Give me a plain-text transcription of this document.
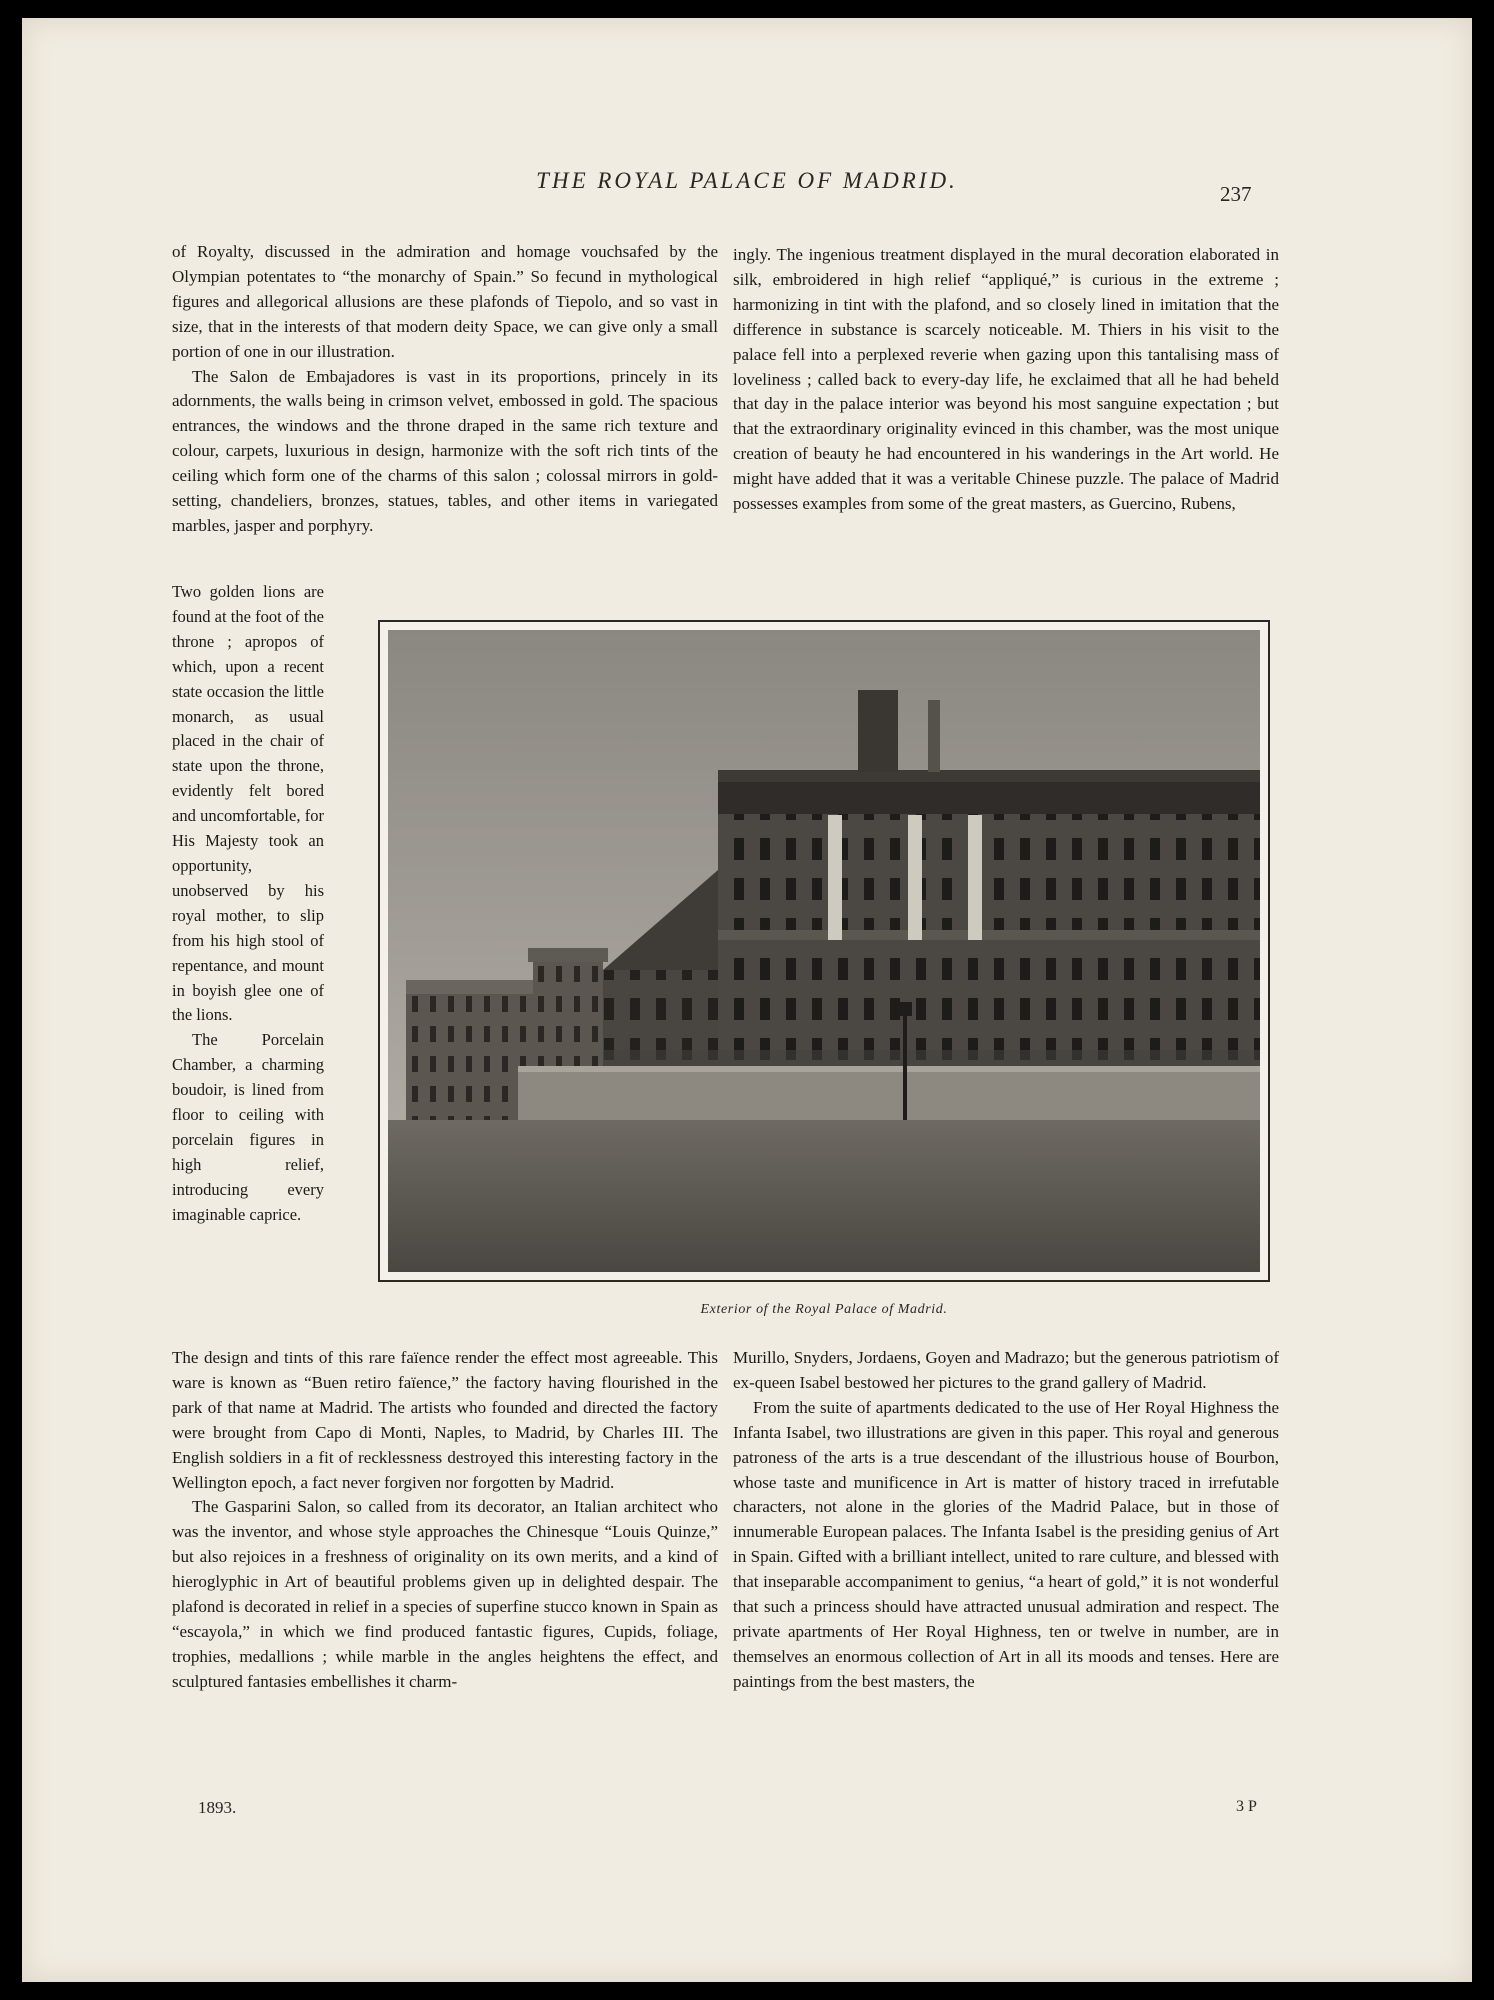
THE ROYAL PALACE OF MADRID.
237

of Royalty, discussed in the admiration and homage vouchsafed by the Olympian potentates to “the monarchy of Spain.” So fecund in mythological figures and allegorical allusions are these plafonds of Tiepolo, and so vast in size, that in the interests of that modern deity Space, we can give only a small portion of one in our illustration.

The Salon de Embajadores is vast in its proportions, princely in its adornments, the walls being in crimson velvet, embossed in gold. The spacious entrances, the windows and the throne draped in the same rich texture and colour, carpets, luxurious in design, harmonize with the soft rich tints of the ceiling which form one of the charms of this salon ; colossal mirrors in gold-setting, chandeliers, bronzes, statues, tables, and other items in variegated marbles, jasper and porphyry.

ingly. The ingenious treatment displayed in the mural decoration elaborated in silk, embroidered in high relief “appliqué,” is curious in the extreme ; harmonizing in tint with the plafond, and so closely lined in imitation that the difference in substance is scarcely noticeable. M. Thiers in his visit to the palace fell into a perplexed reverie when gazing upon this tantalising mass of loveliness ; called back to every-day life, he exclaimed that all he had beheld that day in the palace interior was beyond his most sanguine expectation ; but that the extraordinary originality evinced in this chamber, was the most unique creation of beauty he had encountered in his wanderings in the Art world. He might have added that it was a veritable Chinese puzzle. The palace of Madrid possesses examples from some of the great masters, as Guercino, Rubens,

Two golden lions are found at the foot of the throne ; apropos of which, upon a recent state occasion the little monarch, as usual placed in the chair of state upon the throne, evidently felt bored and uncomfortable, for His Majesty took an opportunity, unobserved by his royal mother, to slip from his high stool of repentance, and mount in boyish glee one of the lions.

The Porcelain Chamber, a charming boudoir, is lined from floor to ceiling with porcelain figures in high relief, introducing every imaginable caprice.

Exterior of the Royal Palace of Madrid.

The design and tints of this rare faïence render the effect most agreeable. This ware is known as “Buen retiro faïence,” the factory having flourished in the park of that name at Madrid. The artists who founded and directed the factory were brought from Capo di Monti, Naples, to Madrid, by Charles III. The English soldiers in a fit of recklessness destroyed this interesting factory in the Wellington epoch, a fact never forgiven nor forgotten by Madrid.

The Gasparini Salon, so called from its decorator, an Italian architect who was the inventor, and whose style approaches the Chinesque “Louis Quinze,” but also rejoices in a freshness of originality on its own merits, and a kind of hieroglyphic in Art of beautiful problems given up in delighted despair. The plafond is decorated in relief in a species of superfine stucco known in Spain as “escayola,” in which we find produced fantastic figures, Cupids, foliage, trophies, medallions ; while marble in the angles heightens the effect, and sculptured fantasies embellishes it charm-

Murillo, Snyders, Jordaens, Goyen and Madrazo; but the generous patriotism of ex-queen Isabel bestowed her pictures to the grand gallery of Madrid.

From the suite of apartments dedicated to the use of Her Royal Highness the Infanta Isabel, two illustrations are given in this paper. This royal and generous patroness of the arts is a true descendant of the illustrious house of Bourbon, whose taste and munificence in Art is matter of history traced in irrefutable characters, not alone in the glories of the Madrid Palace, but in those of innumerable European palaces. The Infanta Isabel is the presiding genius of Art in Spain. Gifted with a brilliant intellect, united to rare culture, and blessed with that inseparable accompaniment to genius, “a heart of gold,” it is not wonderful that such a princess should have attracted unusual admiration and respect. The private apartments of Her Royal Highness, ten or twelve in number, are in themselves an enormous collection of Art in all its moods and tenses. Here are paintings from the best masters, the

1893.	3 P
